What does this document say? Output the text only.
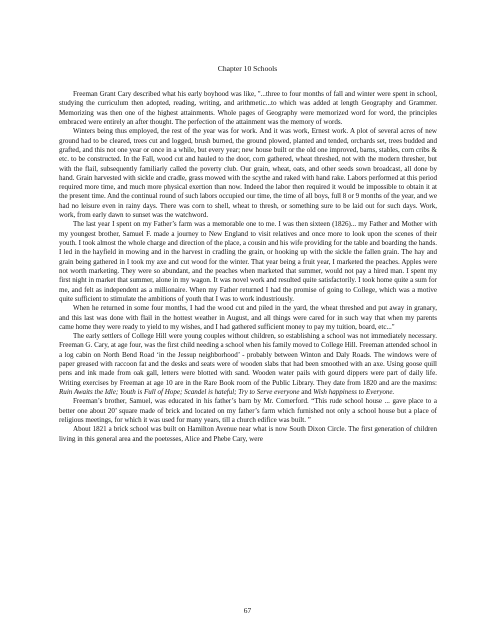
Chapter 10 Schools

Freeman Grant Cary described what his early boyhood was like, "...three to four months of fall and winter were spent in school, studying the curriculum then adopted, reading, writing, and arithmetic...to which was added at length Geography and Grammer. Memorizing was then one of the highest attainments. Whole pages of Geography were memorized word for word, the principles embraced were entirely an after thought. The perfection of the attainment was the memory of words.

Winters being thus employed, the rest of the year was for work. And it was work, Ernest work. A plot of several acres of new ground had to be cleared, trees cut and logged, brush burned, the ground plowed, planted and tended, orchards set, trees budded and grafted, and this not one year or once in a while, but every year; new house built or the old one improved, barns, stables, corn cribs & etc. to be constructed. In the Fall, wood cut and hauled to the door, corn gathered, wheat threshed, not with the modern thresher, but with the flail, subsequently familiarly called the poverty club. Our grain, wheat, oats, and other seeds sown broadcast, all done by hand. Grain harvested with sickle and cradle, grass mowed with the scythe and raked with hand rake. Labors performed at this period required more time, and much more physical exertion than now. Indeed the labor then required it would be impossible to obtain it at the present time. And the continual round of such labors occupied our time, the time of all boys, full 8 or 9 months of the year, and we had no leisure even in rainy days. There was corn to shell, wheat to thresh, or something sure to be laid out for such days. Work, work, from early dawn to sunset was the watchword.

The last year I spent on my Father’s farm was a memorable one to me. I was then sixteen (1826)... my Father and Mother with my youngest brother, Samuel F. made a journey to New England to visit relatives and once more to look upon the scenes of their youth. I took almost the whole charge and direction of the place, a cousin and his wife providing for the table and boarding the hands. I led in the hayfield in mowing and in the harvest in cradling the grain, or hooking up with the sickle the fallen grain. The hay and grain being gathered in I took my axe and cut wood for the winter. That year being a fruit year, I marketed the peaches. Apples were not worth marketing. They were so abundant, and the peaches when marketed that summer, would not pay a hired man. I spent my first night in market that summer, alone in my wagon. It was novel work and resulted quite satisfactorily. I took home quite a sum for me, and felt as independent as a millionaire. When my Father returned I had the promise of going to College, which was a motive quite sufficient to stimulate the ambitions of youth that I was to work industriously.

When he returned in some four months, I had the wood cut and piled in the yard, the wheat threshed and put away in granary, and this last was done with flail in the hottest weather in August, and all things were cared for in such way that when my parents came home they were ready to yield to my wishes, and I had gathered sufficient money to pay my tuition, board, etc..."

The early settlers of College Hill were young couples without children, so establishing a school was not immediately necessary. Freeman G. Cary, at age four, was the first child needing a school when his family moved to College Hill. Freeman attended school in a log cabin on North Bend Road ‘in the Jessup neighborhood’ - probably between Winton and Daly Roads. The windows were of paper greased with raccoon fat and the desks and seats were of wooden slabs that had been smoothed with an axe. Using goose quill pens and ink made from oak gall, letters were blotted with sand. Wooden water pails with gourd dippers were part of daily life. Writing exercises by Freeman at age 10 are in the Rare Book room of the Public Library. They date from 1820 and are the maxims: Ruin Awaits the Idle; Youth is Full of Hope; Scandel is hateful; Try to Serve everyone and Wish happiness to Everyone.

Freeman’s brother, Samuel, was educated in his father’s barn by Mr. Comerford. “This rude school house ... gave place to a better one about 20’ square made of brick and located on my father’s farm which furnished not only a school house but a place of religious meetings, for which it was used for many years, till a church edifice was built. ”

About 1821 a brick school was built on Hamilton Avenue near what is now South Dixon Circle. The first generation of children living in this general area and the poetesses, Alice and Phebe Cary, were

67
